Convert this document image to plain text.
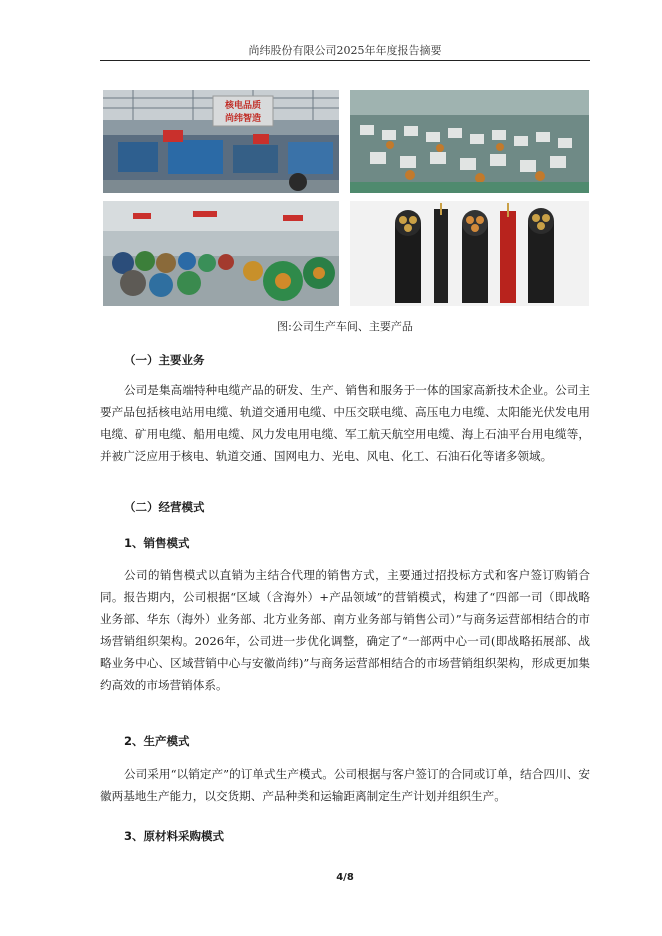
尚纬股份有限公司2025年年度报告摘要
核电品质
尚纬智造
图:公司生产车间、主要产品
（一）主要业务

公司是集高端特种电缆产品的研发、生产、销售和服务于一体的国家高新技术企业。公司主要产品包括核电站用电缆、轨道交通用电缆、中压交联电缆、高压电力电缆、太阳能光伏发电用电缆、矿用电缆、船用电缆、风力发电用电缆、军工航天航空用电缆、海上石油平台用电缆等，并被广泛应用于核电、轨道交通、国网电力、光电、风电、化工、石油石化等诸多领域。

（二）经营模式
1、销售模式

公司的销售模式以直销为主结合代理的销售方式，主要通过招投标方式和客户签订购销合同。报告期内，公司根据“区域（含海外）+产品领域”的营销模式，构建了“四部一司（即战略业务部、华东（海外）业务部、北方业务部、南方业务部与销售公司）”与商务运营部相结合的市场营销组织架构。2026年，公司进一步优化调整，确定了“一部两中心一司(即战略拓展部、战略业务中心、区域营销中心与安徽尚纬)”与商务运营部相结合的市场营销组织架构，形成更加集约高效的市场营销体系。

2、生产模式

公司采用“以销定产”的订单式生产模式。公司根据与客户签订的合同或订单，结合四川、安徽两基地生产能力，以交货期、产品种类和运输距离制定生产计划并组织生产。

3、原材料采购模式
4/8
